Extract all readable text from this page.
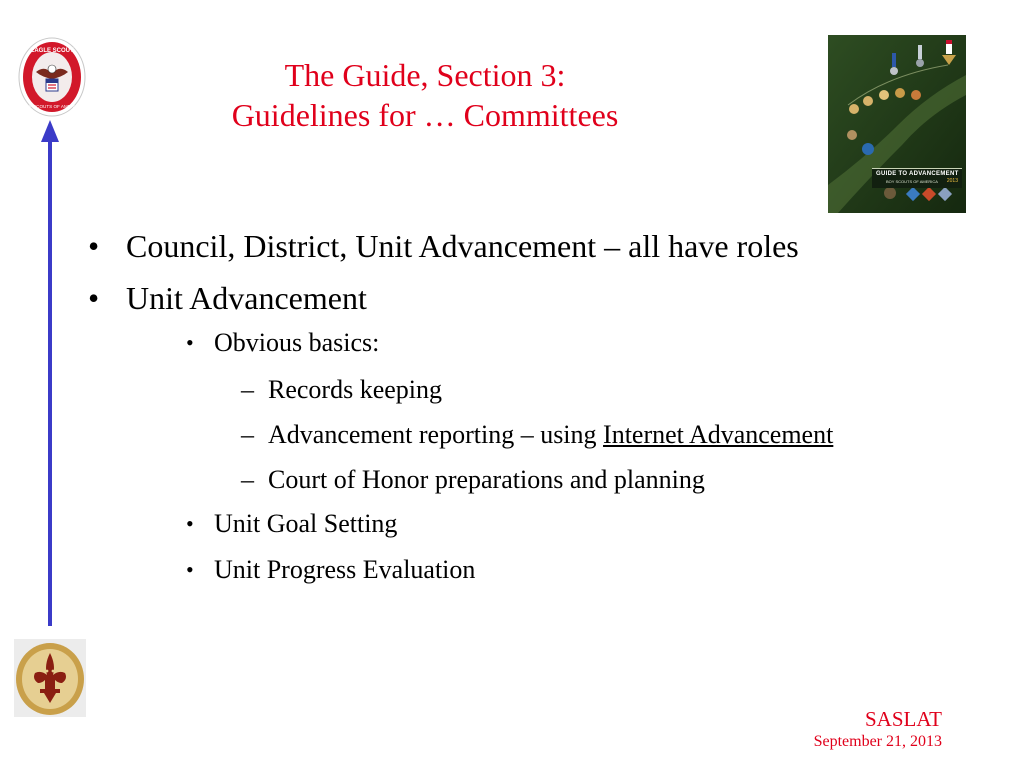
EAGLE SCOUT
BOY SCOUTS OF AMERICA
The Guide, Section 3:
Guidelines for … Committees
GUIDE TO ADVANCEMENT
BOY SCOUTS OF AMERICA 2013
• Council, District, Unit Advancement – all have roles
• Unit Advancement
• Obvious basics:
– Records keeping
– Advancement reporting – using Internet Advancement
– Court of Honor preparations and planning
• Unit Goal Setting
• Unit Progress Evaluation
SASLAT
September 21, 2013
